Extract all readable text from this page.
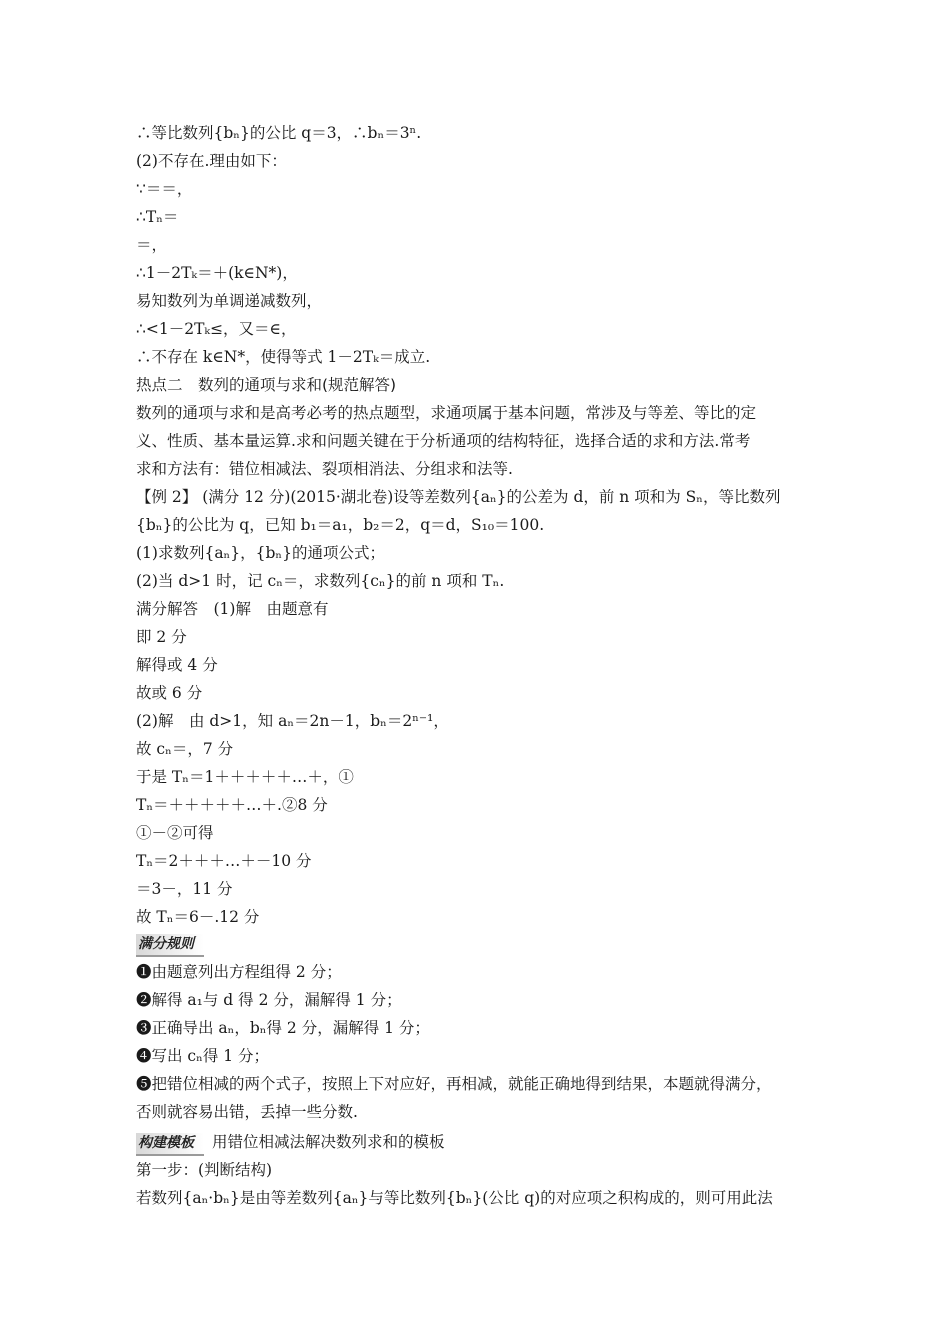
∴等比数列{bₙ}的公比 q＝3，∴bₙ＝3ⁿ.
(2)不存在.理由如下：
∵＝＝，
∴Tₙ＝
＝，
∴1－2Tₖ＝＋(k∈N*)，
易知数列为单调递减数列，
∴<1－2Tₖ≤，又＝∈，
∴不存在 k∈N*，使得等式 1－2Tₖ＝成立.
热点二　数列的通项与求和(规范解答)
数列的通项与求和是高考必考的热点题型，求通项属于基本问题，常涉及与等差、等比的定
义、性质、基本量运算.求和问题关键在于分析通项的结构特征，选择合适的求和方法.常考
求和方法有：错位相减法、裂项相消法、分组求和法等.
【例 2】 (满分 12 分)(2015·湖北卷)设等差数列{aₙ}的公差为 d，前 n 项和为 Sₙ，等比数列
{bₙ}的公比为 q，已知 b₁＝a₁，b₂＝2，q＝d，S₁₀＝100.
(1)求数列{aₙ}，{bₙ}的通项公式；
(2)当 d>1 时，记 cₙ＝，求数列{cₙ}的前 n 项和 Tₙ.
满分解答　(1)解　由题意有
即 2 分
解得或 4 分
故或 6 分
(2)解　由 d>1，知 aₙ＝2n－1，bₙ＝2ⁿ⁻¹，
故 cₙ＝，7 分
于是 Tₙ＝1＋＋＋＋＋…＋，①
Tₙ＝＋＋＋＋＋…＋.②8 分
①－②可得
Tₙ＝2＋＋＋…＋－10 分
＝3－，11 分
故 Tₙ＝6－.12 分
满分规则
❶由题意列出方程组得 2 分；
❷解得 a₁与 d 得 2 分，漏解得 1 分；
❸正确导出 aₙ，bₙ得 2 分，漏解得 1 分；
❹写出 cₙ得 1 分；
❺把错位相减的两个式子，按照上下对应好，再相减，就能正确地得到结果，本题就得满分，
否则就容易出错，丢掉一些分数.
构建模板 用错位相减法解决数列求和的模板
第一步：(判断结构)
若数列{aₙ·bₙ}是由等差数列{aₙ}与等比数列{bₙ}(公比 q)的对应项之积构成的，则可用此法
